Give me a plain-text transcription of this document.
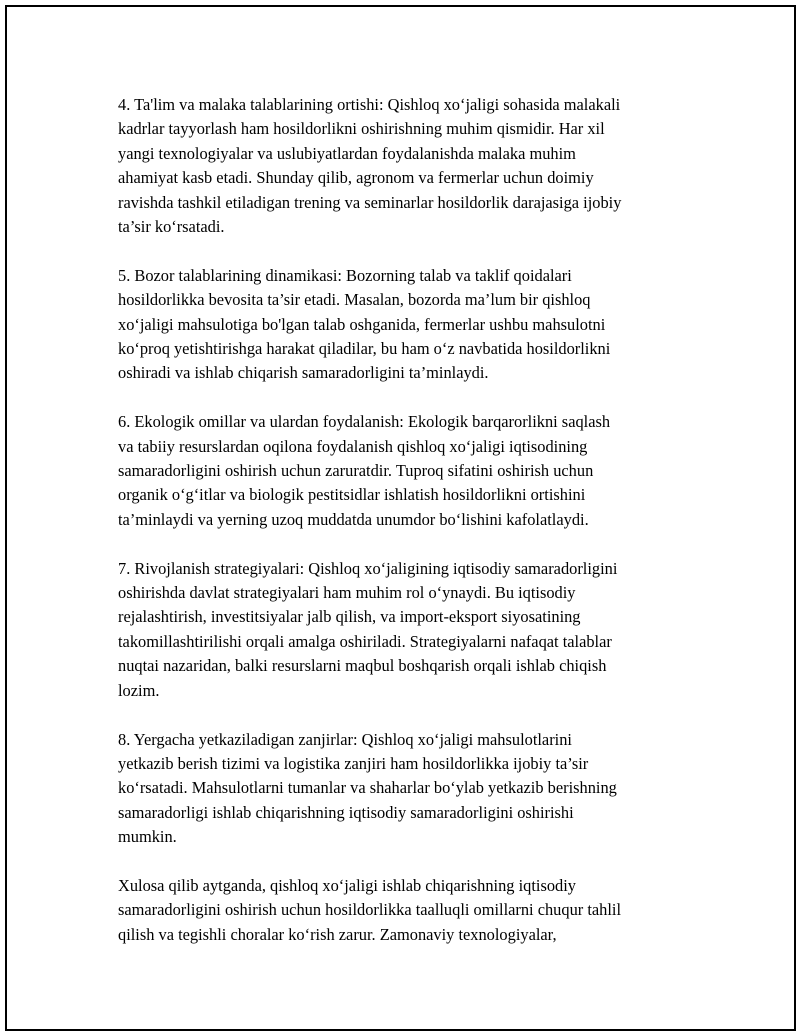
4. Ta'lim va malaka talablarining ortishi: Qishloq xo‘jaligi sohasida malakali
kadrlar tayyorlash ham hosildorlikni oshirishning muhim qismidir. Har xil
yangi texnologiyalar va uslubiyatlardan foydalanishda malaka muhim
ahamiyat kasb etadi. Shunday qilib, agronom va fermerlar uchun doimiy
ravishda tashkil etiladigan trening va seminarlar hosildorlik darajasiga ijobiy
ta’sir ko‘rsatadi.

5. Bozor talablarining dinamikasi: Bozorning talab va taklif qoidalari
hosildorlikka bevosita ta’sir etadi. Masalan, bozorda ma’lum bir qishloq
xo‘jaligi mahsulotiga bo'lgan talab oshganida, fermerlar ushbu mahsulotni
ko‘proq yetishtirishga harakat qiladilar, bu ham o‘z navbatida hosildorlikni
oshiradi va ishlab chiqarish samaradorligini ta’minlaydi.

6. Ekologik omillar va ulardan foydalanish: Ekologik barqarorlikni saqlash
va tabiiy resurslardan oqilona foydalanish qishloq xo‘jaligi iqtisodining
samaradorligini oshirish uchun zaruratdir. Tuproq sifatini oshirish uchun
organik o‘g‘itlar va biologik pestitsidlar ishlatish hosildorlikni ortishini
ta’minlaydi va yerning uzoq muddatda unumdor bo‘lishini kafolatlaydi.

7. Rivojlanish strategiyalari: Qishloq xo‘jaligining iqtisodiy samaradorligini
oshirishda davlat strategiyalari ham muhim rol o‘ynaydi. Bu iqtisodiy
rejalashtirish, investitsiyalar jalb qilish, va import-eksport siyosatining
takomillashtirilishi orqali amalga oshiriladi. Strategiyalarni nafaqat talablar
nuqtai nazaridan, balki resurslarni maqbul boshqarish orqali ishlab chiqish
lozim.

8. Yergacha yetkaziladigan zanjirlar: Qishloq xo‘jaligi mahsulotlarini
yetkazib berish tizimi va logistika zanjiri ham hosildorlikka ijobiy ta’sir
ko‘rsatadi. Mahsulotlarni tumanlar va shaharlar bo‘ylab yetkazib berishning
samaradorligi ishlab chiqarishning iqtisodiy samaradorligini oshirishi
mumkin.

Xulosa qilib aytganda, qishloq xo‘jaligi ishlab chiqarishning iqtisodiy
samaradorligini oshirish uchun hosildorlikka taalluqli omillarni chuqur tahlil
qilish va tegishli choralar ko‘rish zarur. Zamonaviy texnologiyalar,
